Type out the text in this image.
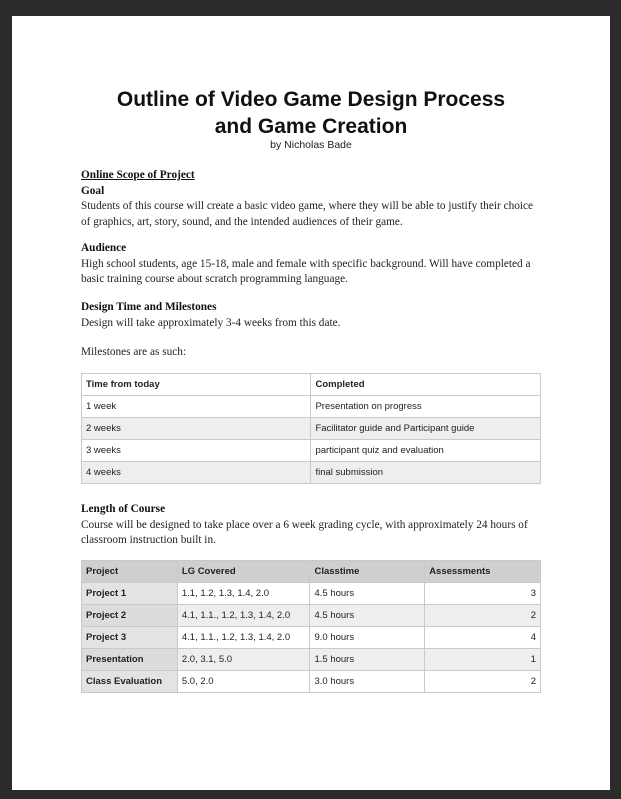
Outline of Video Game Design Process
and Game Creation
by Nicholas Bade
Online Scope of Project
Goal
Students of this course will create a basic video game, where they will be able to justify their choice of graphics, art, story, sound, and the intended audiences of their game.
Audience
High school students, age 15-18, male and female with specific background. Will have completed a basic training course about scratch programming language.
Design Time and Milestones
Design will take approximately 3-4 weeks from this date.
Milestones are as such:
Time from today	Completed
1 week	Presentation on progress
2 weeks	Facilitator guide and Participant guide
3 weeks	participant quiz and evaluation
4 weeks	final submission
Length of Course
Course will be designed to take place over a 6 week grading cycle, with approximately 24 hours of classroom instruction built in.
Project	LG Covered	Classtime	Assessments
Project 1	1.1, 1.2, 1.3, 1.4, 2.0	4.5 hours	3
Project 2	4.1, 1.1., 1.2, 1.3, 1.4, 2.0	4.5 hours	2
Project 3	4.1, 1.1., 1.2, 1.3, 1.4, 2.0	9.0 hours	4
Presentation	2.0, 3.1, 5.0	1.5 hours	1
Class Evaluation	5.0, 2.0	3.0 hours	2
